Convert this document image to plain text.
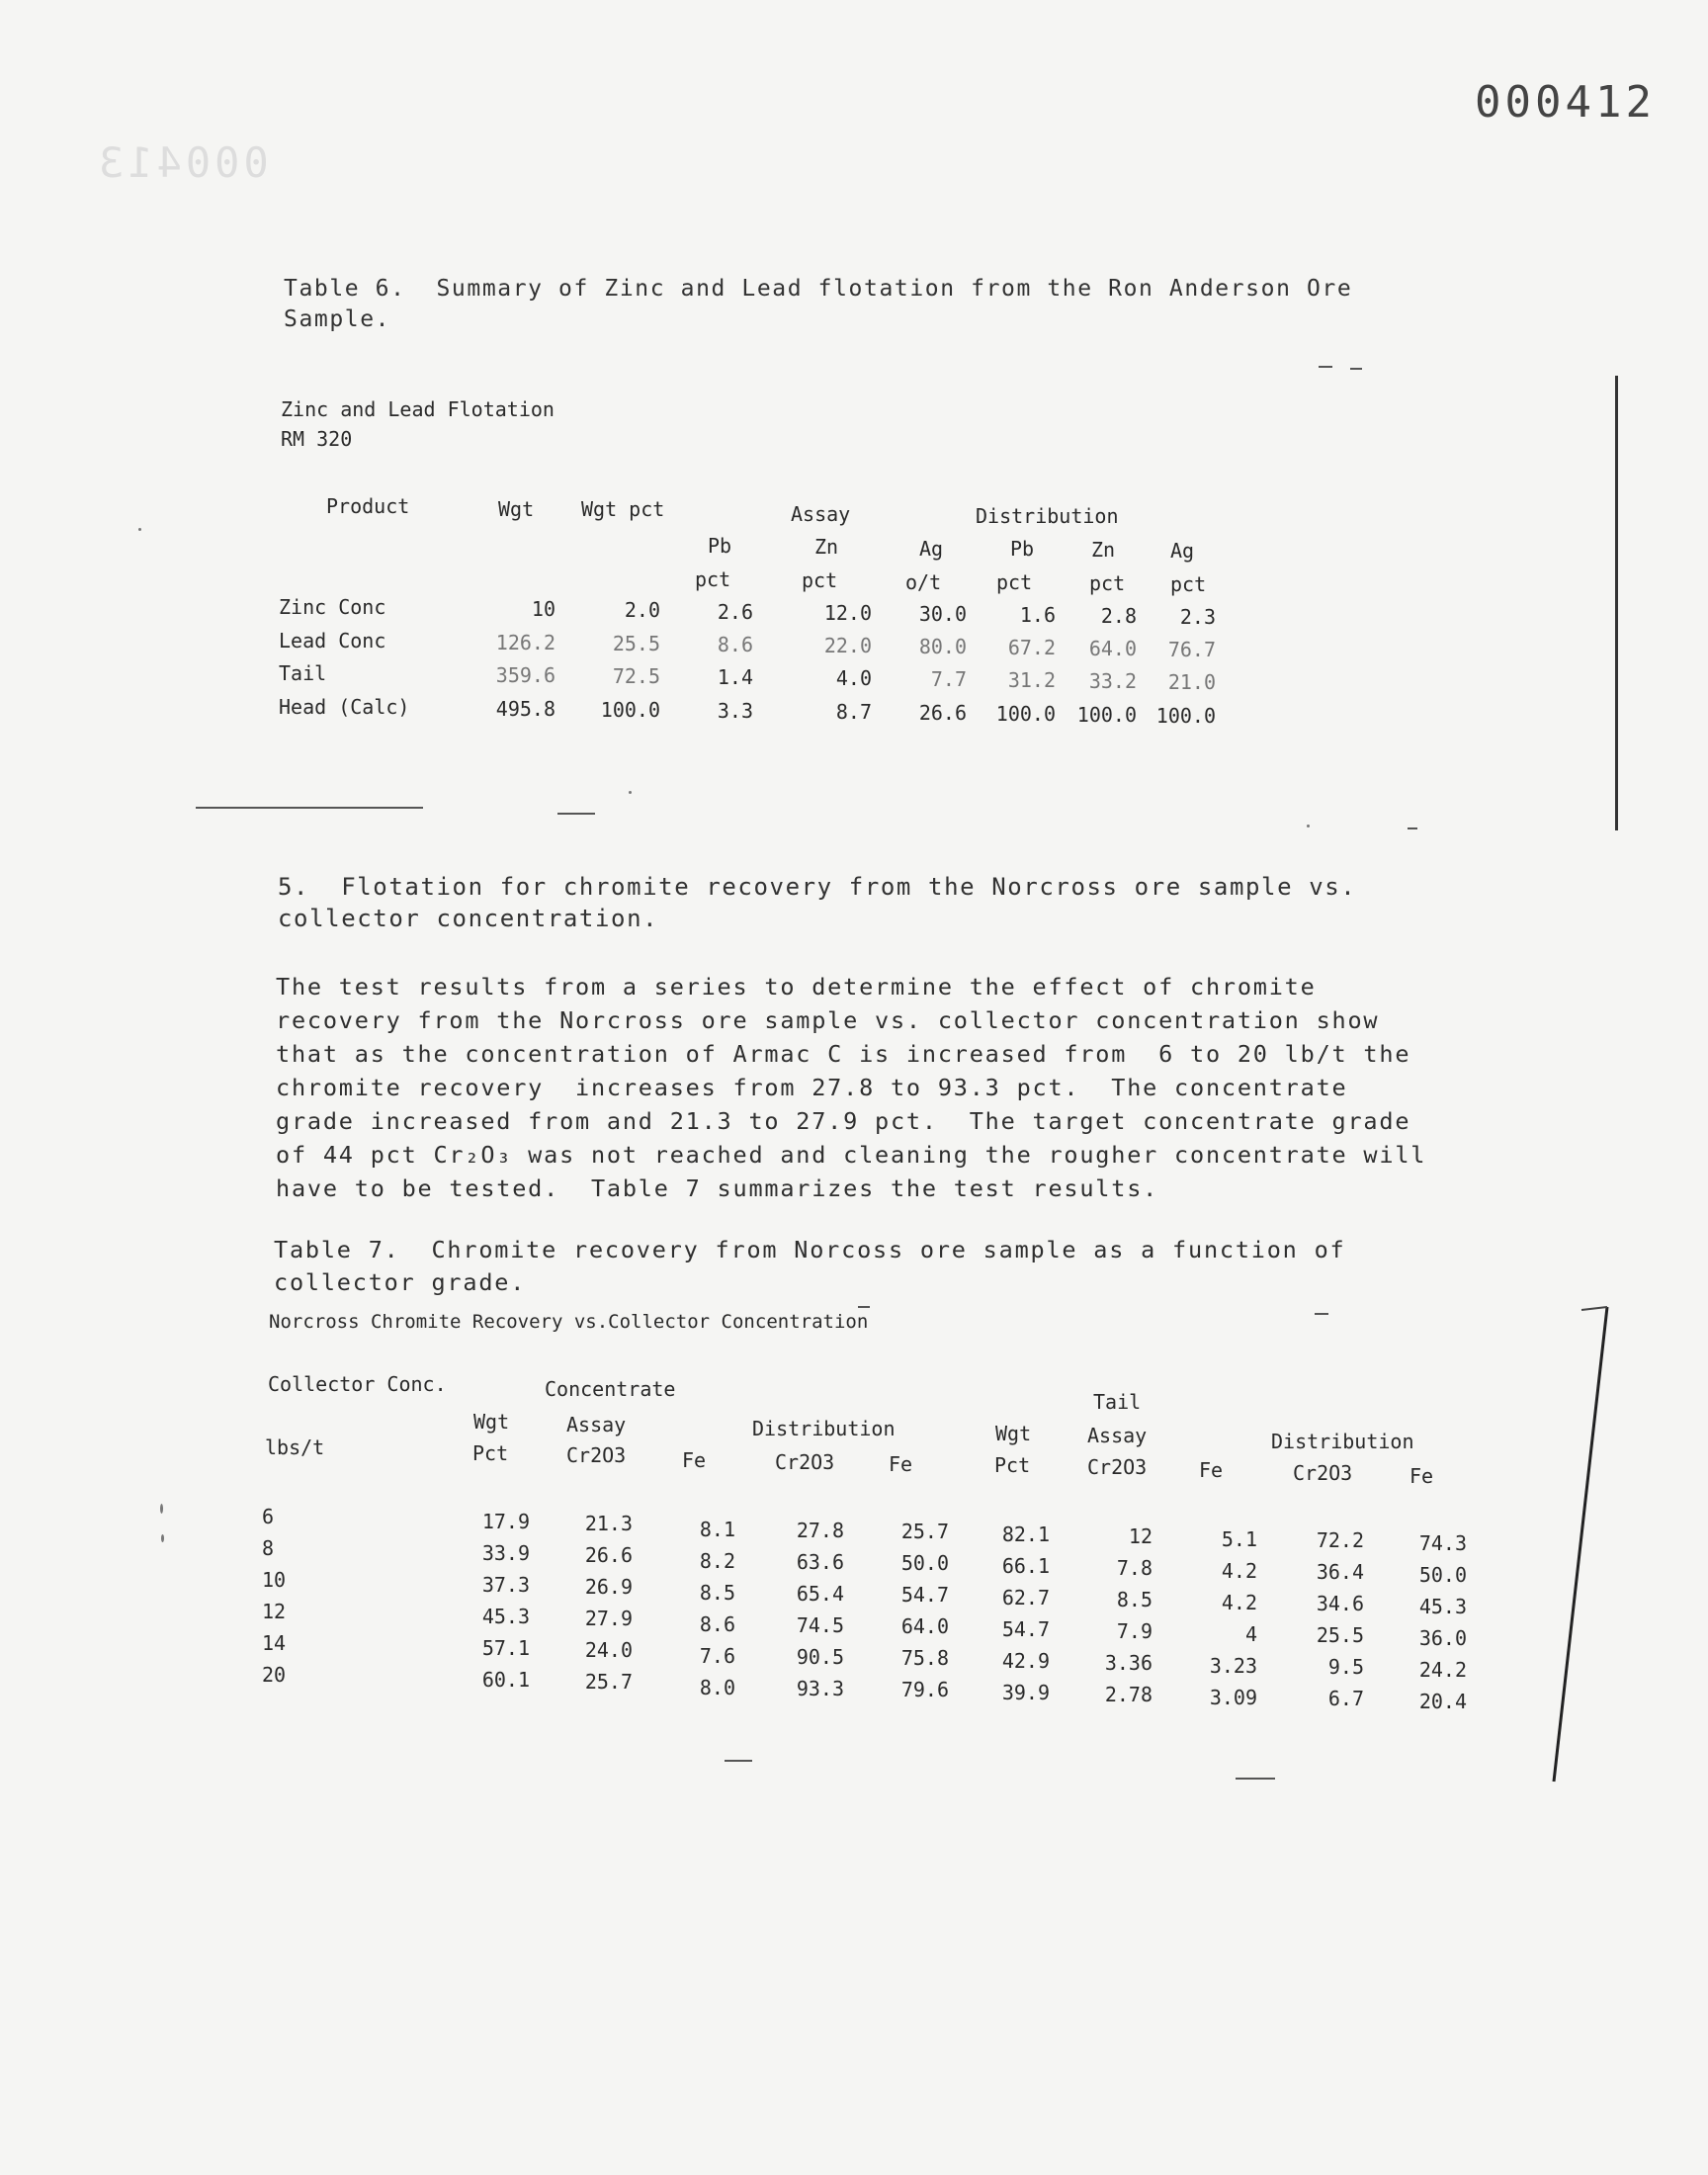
000413
000412
Table 6.  Summary of Zinc and Lead flotation from the Ron Anderson Ore
Sample.
Zinc and Lead Flotation
RM 320
Product	Wgt Wgt pct	Assay	Distribution
Pb	Zn	Ag	Pb	Zn	Ag
pct	pct	o/t	pct	pct pct
Zinc Conc	10	2.0	2.6	12.0	30.0	1.6	2.8	2.3
Lead Conc	126.2	25.5	8.6	22.0	80.0	67.2	64.0	76.7
Tail	359.6	72.5	1.4	4.0	7.7	31.2	33.2	21.0
Head (Calc)	495.8	100.0	3.3	8.7	26.6	100.0	100.0 100.0
5.  Flotation for chromite recovery from the Norcross ore sample vs.
collector concentration.
The test results from a series to determine the effect of chromite
recovery from the Norcross ore sample vs. collector concentration show
that as the concentration of Armac C is increased from  6 to 20 lb/t the
chromite recovery  increases from 27.8 to 93.3 pct.  The concentrate
grade increased from and 21.3 to 27.9 pct.  The target concentrate grade
of 44 pct Cr₂O₃ was not reached and cleaning the rougher concentrate will
have to be tested.  Table 7 summarizes the test results.
Table 7.  Chromite recovery from Norcoss ore sample as a function of
collector grade.
Norcross Chromite Recovery vs.Collector Concentration
Collector Conc.
lbs/t
Concentrate
Tail
Wgt
Pct
Assay
Cr2O3	Fe
Distribution
Cr2O3	Fe
Wgt
Pct
Assay
Cr2O3	Fe
Distribution
Cr2O3	Fe
6	17.9	21.3	8.1	27.8	25.7	82.1	12	5.1	72.2	74.3
8	33.9	26.6	8.2	63.6	50.0	66.1	7.8	4.2	36.4	50.0
10	37.3	26.9	8.5	65.4	54.7	62.7	8.5	4.2	34.6	45.3
12	45.3	27.9	8.6	74.5	64.0	54.7	7.9	4	25.5	36.0
14	57.1	24.0	7.6	90.5	75.8	42.9	3.36	3.23	9.5	24.2
20	60.1	25.7	8.0	93.3	79.6	39.9	2.78	3.09	6.7	20.4
